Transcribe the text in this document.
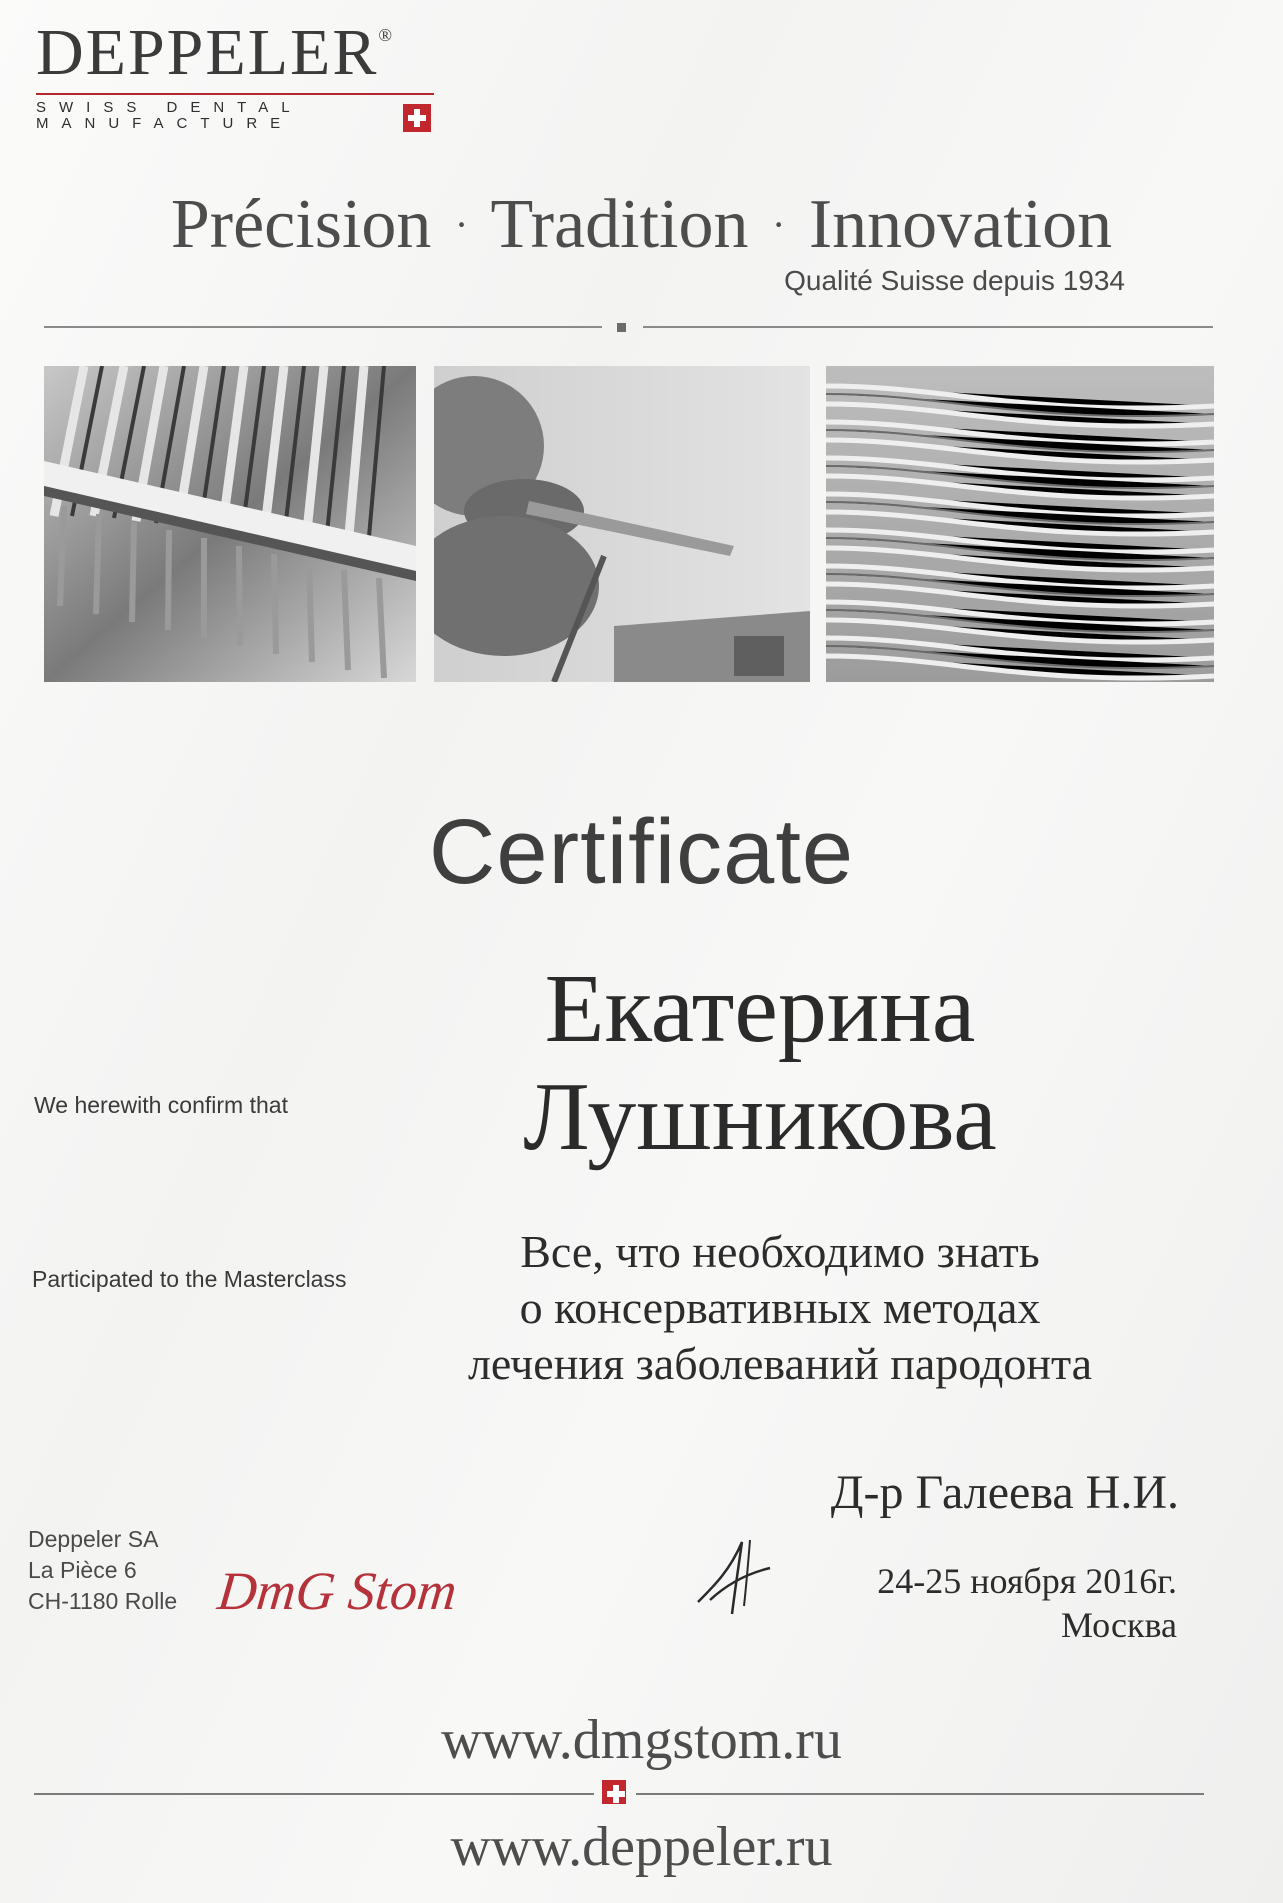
DEPPELER®
SWISS DENTAL
MANUFACTURE
Précision · Tradition · Innovation
Qualité Suisse depuis 1934
Certificate
Екатерина
Лушникова
We herewith confirm that
Participated to the Masterclass
Все, что необходимо знать
о консервативных методах
лечения заболеваний пародонта
Д-р Галеева Н.И.
24-25 ноября 2016г.
Москва
Deppeler SA
La Pièce 6
CH-1180 Rolle DmG Stom
www.dmgstom.ru
www.deppeler.ru
